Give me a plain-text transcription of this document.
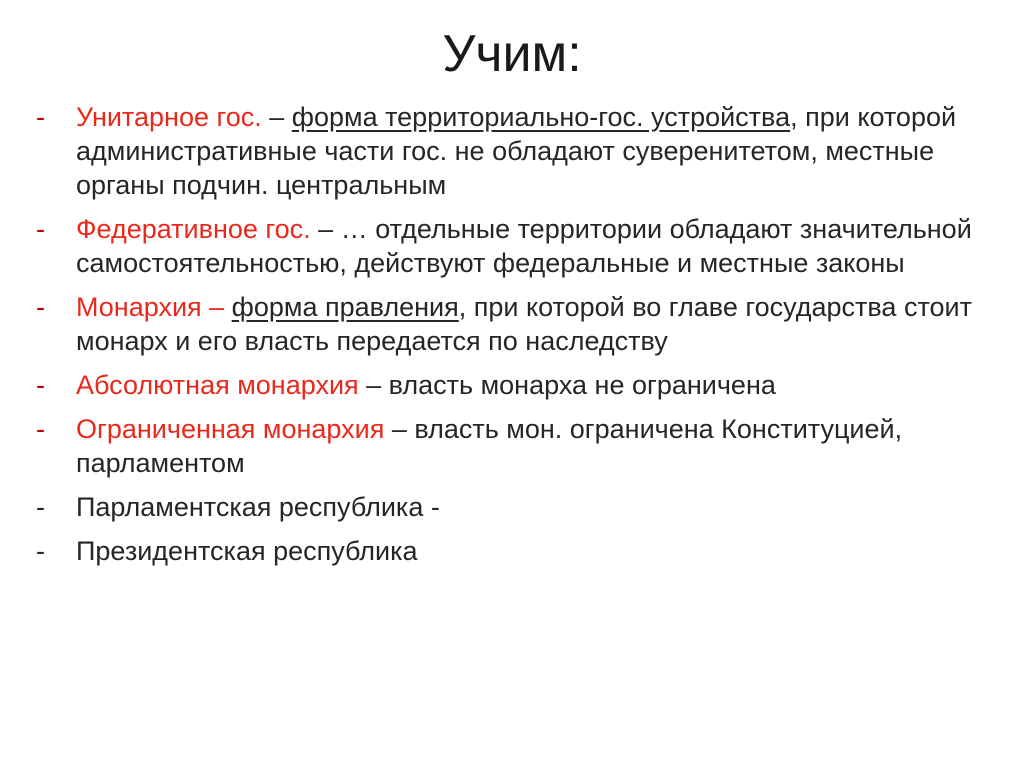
Учим:
-	Унитарное гос. – форма территориально-гос. устройства, при которой административные части гос. не обладают суверенитетом, местные органы подчин. центральным
-	Федеративное гос. – … отдельные территории обладают значительной самостоятельностью, действуют федеральные и местные законы
-	Монархия – форма правления, при которой во главе государства стоит монарх и его власть передается по наследству
-	Абсолютная монархия – власть монарха не ограничена
-	Ограниченная монархия – власть мон. ограничена Конституцией, парламентом
-	Парламентская республика -
-	Президентская республика
